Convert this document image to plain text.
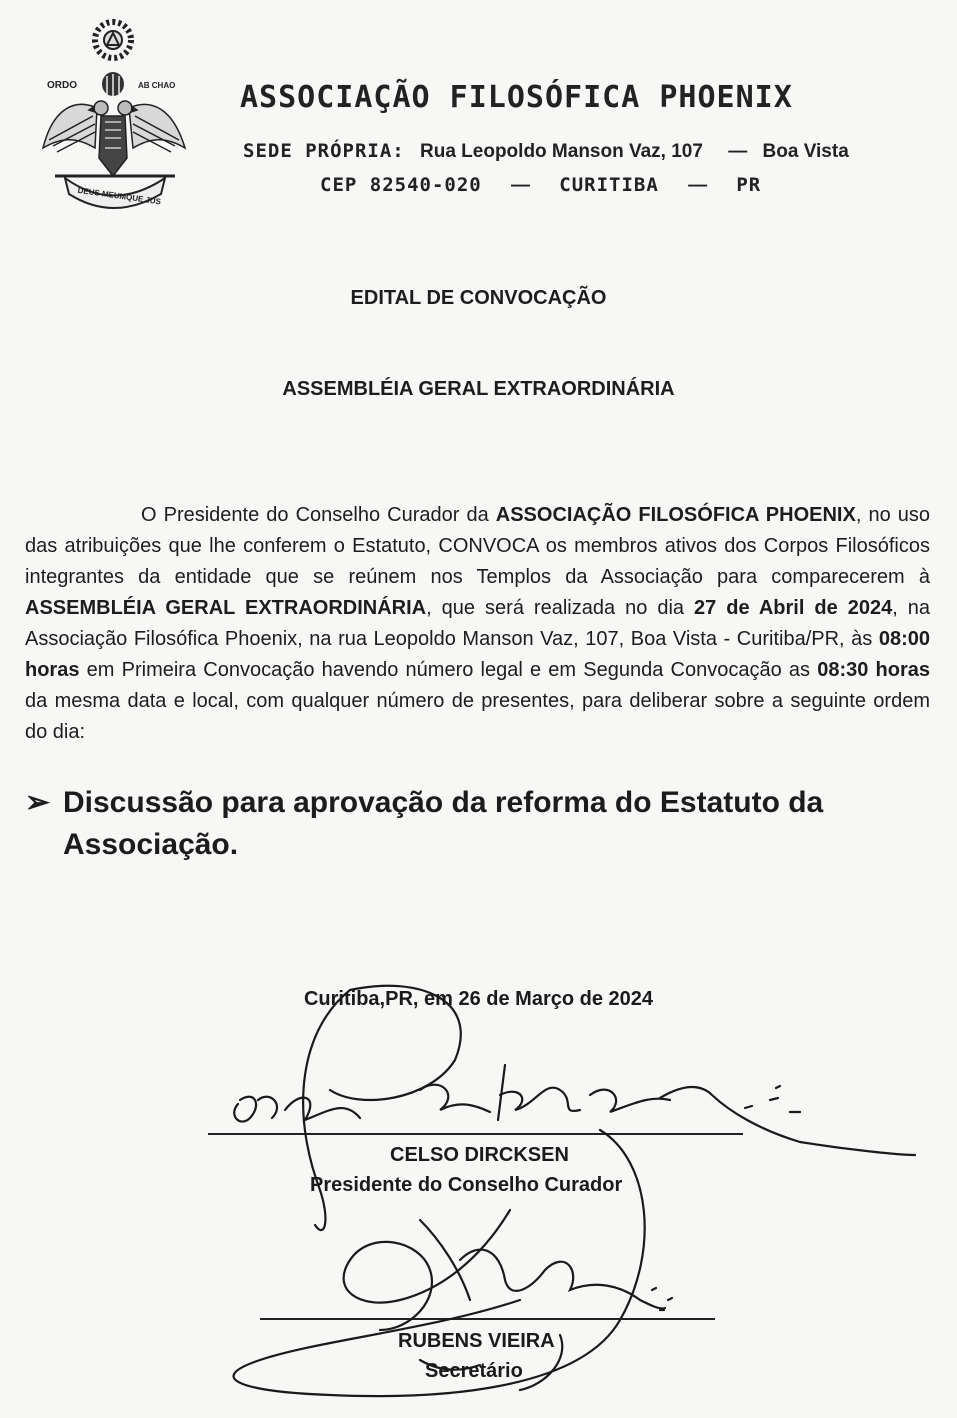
ORDO	AB CHAO
DEUS MEUMQUE JUS
ASSOCIAÇÃO FILOSÓFICA PHOENIX
SEDE PRÓPRIA: Rua Leopoldo Manson Vaz, 107 — Boa Vista
CEP 82540-020 — CURITIBA — PR
EDITAL DE CONVOCAÇÃO
ASSEMBLÉIA GERAL EXTRAORDINÁRIA
O Presidente do Conselho Curador da ASSOCIAÇÃO FILOSÓFICA PHOENIX, no uso das atribuições que lhe conferem o Estatuto, CONVOCA os membros ativos dos Corpos Filosóficos integrantes da entidade que se reúnem nos Templos da Associação para comparecerem à ASSEMBLÉIA GERAL EXTRAORDINÁRIA, que será realizada no dia 27 de Abril de 2024, na Associação Filosófica Phoenix, na rua Leopoldo Manson Vaz, 107, Boa Vista - Curitiba/PR, às 08:00 horas em Primeira Convocação havendo número legal e em Segunda Convocação as 08:30 horas da mesma data e local, com qualquer número de presentes, para deliberar sobre a seguinte ordem do dia:
➢ Discussão para aprovação da reforma do Estatuto da Associação.
Curitiba,PR, em 26 de Março de 2024
CELSO DIRCKSEN
Presidente do Conselho Curador
RUBENS VIEIRA
Secretário
